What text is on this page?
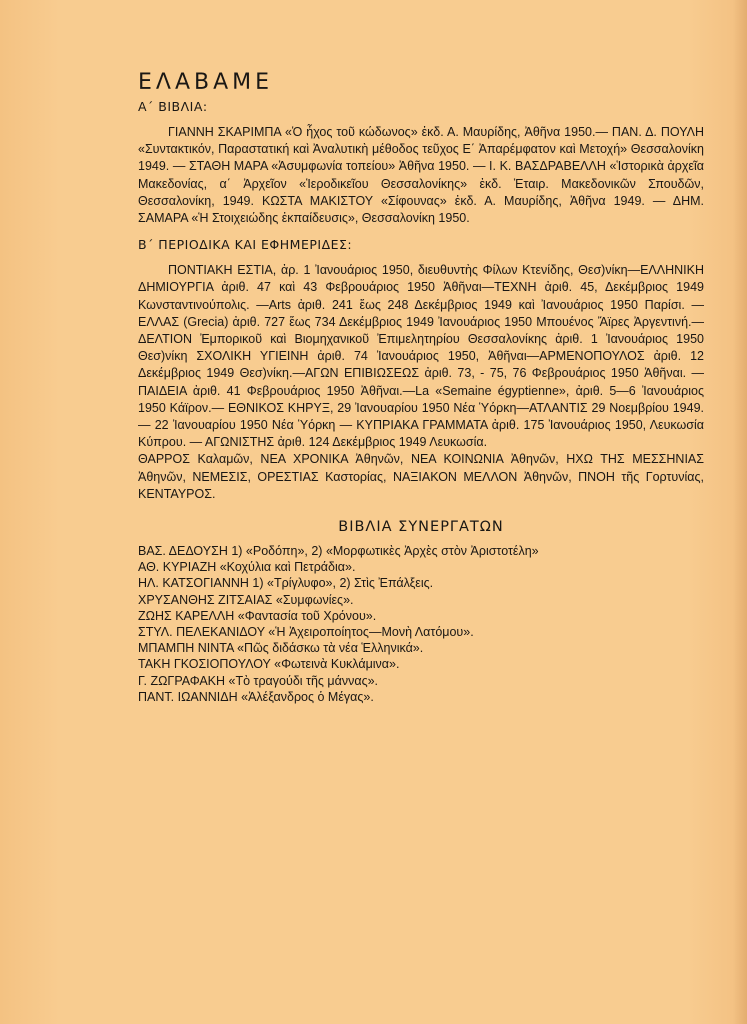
ΕΛΑΒΑΜΕ
Α΄ ΒΙΒΛΙΑ:

ΓΙΑΝΝΗ ΣΚΑΡΙΜΠΑ «Ὁ ἦχος τοῦ κώδωνος» ἐκδ. Α. Μαυρίδης, Ἀθῆνα 1950.— ΠΑΝ. Δ. ΠΟΥΛΗ «Συντακτικόν, Παραστατική καὶ Ἀναλυτικὴ μέθοδος τεῦχος Ε΄ Ἀπαρέμφατον καὶ Μετοχή» Θεσσαλονίκη 1949. — ΣΤΑΘΗ ΜΑΡΑ «Ἀσυμφωνία τοπείου» Ἀθῆνα 1950. — Ι. Κ. ΒΑΣΔΡΑΒΕΛΛΗ «Ἱστορικὰ ἀρχεῖα Μακεδονίας, α΄ Ἀρχεῖον «Ἱεροδικεῖου Θεσσαλονίκης» ἐκδ. Ἑταιρ. Μακεδονικῶν Σπουδῶν, Θεσσαλονίκη, 1949. ΚΩΣΤΑ ΜΑΚΙΣΤΟΥ «Σίφουνας» ἐκδ. Α. Μαυρίδης, Ἀθῆνα 1949. — ΔΗΜ. ΣΑΜΑΡΑ «Ἡ Στοιχειώδης ἐκπαίδευσις», Θεσσαλονίκη 1950.

Β΄ ΠΕΡΙΟΔΙΚΑ ΚΑΙ ΕΦΗΜΕΡΙΔΕΣ:

ΠΟΝΤΙΑΚΗ ΕΣΤΙΑ, ἀρ. 1 Ἰανουάριος 1950, διευθυντὴς Φίλων Κτενίδης, Θεσ)νίκη—ΕΛΛΗΝΙΚΗ ΔΗΜΙΟΥΡΓΙΑ ἀριθ. 47 καὶ 43 Φεβρουάριος 1950 Ἀθῆναι—ΤΕΧΝΗ ἀριθ. 45, Δεκέμβριος 1949 Κωνσταντινούπολις. —Arts ἀριθ. 241 ἕως 248 Δεκέμβριος 1949 καὶ Ἰανουάριος 1950 Παρίσι. — ΕΛΛΑΣ (Grecia) ἀριθ. 727 ἕως 734 Δεκέμβριος 1949 Ἰανουάριος 1950 Μπουένος Ἄϊρες Ἀργεντινή.— ΔΕΛΤΙΟΝ Ἐμπορικοῦ καὶ Βιομηχανικοῦ Ἐπιμελητηρίου Θεσσαλονίκης ἀριθ. 1 Ἰανουάριος 1950 Θεσ)νίκη ΣΧΟΛΙΚΗ ΥΓΙΕΙΝΗ ἀριθ. 74 Ἰανουάριος 1950, Ἀθῆναι—ΑΡΜΕΝΟΠΟΥΛΟΣ ἀριθ. 12 Δεκέμβριος 1949 Θεσ)νίκη.—ΑΓΩΝ ΕΠΙΒΙΩΣΕΩΣ ἀριθ. 73, - 75, 76 Φεβρουάριος 1950 Ἀθῆναι. — ΠΑΙΔΕΙΑ ἀριθ. 41 Φεβρουάριος 1950 Ἀθῆναι.—La «Semaine égyptienne», ἀριθ. 5—6 Ἰανουάριος 1950 Κάϊρον.— ΕΘΝΙΚΟΣ ΚΗΡΥΞ, 29 Ἰανουαρίου 1950 Νέα Ὑόρκη—ΑΤΛΑΝΤΙΣ 29 Νοεμβρίου 1949.— 22 Ἰανουαρίου 1950 Νέα Ὑόρκη — ΚΥΠΡΙΑΚΑ ΓΡΑΜΜΑΤΑ ἀριθ. 175 Ἰανουάριος 1950, Λευκωσία Κύπρου. — ΑΓΩΝΙΣΤΗΣ ἀριθ. 124 Δεκέμβριος 1949 Λευκωσία.

ΘΑΡΡΟΣ Καλαμῶν, ΝΕΑ ΧΡΟΝΙΚΑ Ἀθηνῶν, ΝΕΑ ΚΟΙΝΩΝΙΑ Ἀθηνῶν, ΗΧΩ ΤΗΣ ΜΕΣΣΗΝΙΑΣ Ἀθηνῶν, ΝΕΜΕΣΙΣ, ΟΡΕΣΤΙΑΣ Καστορίας, ΝΑΞΙΑΚΟΝ ΜΕΛΛΟΝ Ἀθηνῶν, ΠΝΟΗ τῆς Γορτυνίας, ΚΕΝΤΑΥΡΟΣ.

ΒΙΒΛΙΑ ΣΥΝΕΡΓΑΤΩΝ
ΒΑΣ. ΔΕΔΟΥΣΗ 1) «Ροδόπη», 2) «Μορφωτικὲς Ἀρχὲς στὸν Ἀριστοτέλη»
ΑΘ. ΚΥΡΙΑΖΗ «Κοχύλια καὶ Πετράδια».
ΗΛ. ΚΑΤΣΟΓΙΑΝΝΗ 1) «Τρίγλυφο», 2) Στὶς Ἐπάλξεις.
ΧΡΥΣΑΝΘΗΣ ΖΙΤΣΑΙΑΣ «Συμφωνίες».
ΖΩΗΣ ΚΑΡΕΛΛΗ «Φαντασία τοῦ Χρόνου».
ΣΤΥΛ. ΠΕΛΕΚΑΝΙΔΟΥ «Ἡ Ἀχειροποίητος—Μονὴ Λατόμου».
ΜΠΑΜΠΗ ΝΙΝΤΑ «Πῶς διδάσκω τὰ νέα Ἑλληνικά».
ΤΑΚΗ ΓΚΟΣΙΟΠΟΥΛΟΥ «Φωτεινὰ Κυκλάμινα».
Γ. ΖΩΓΡΑΦΑΚΗ «Τὸ τραγούδι τῆς μάννας».
ΠΑΝΤ. ΙΩΑΝΝΙΔΗ «Ἀλέξανδρος ὁ Μέγας».
